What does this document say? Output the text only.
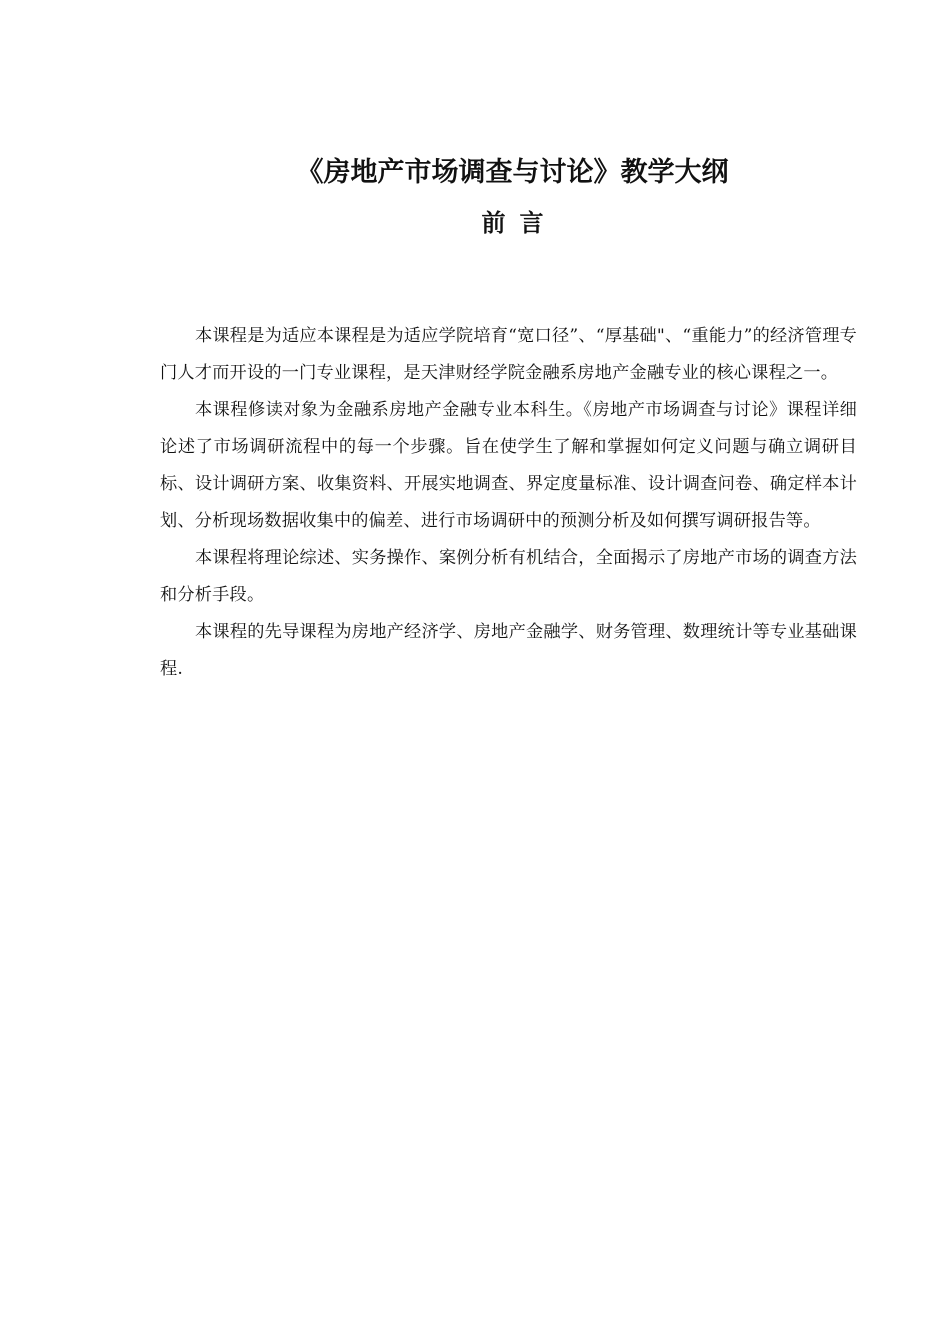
《房地产市场调查与讨论》教学大纲
前 言

本课程是为适应本课程是为适应学院培育“宽口径”、“厚基础"、“重能力”的经济管理专门人才而开设的一门专业课程，是天津财经学院金融系房地产金融专业的核心课程之一。

本课程修读对象为金融系房地产金融专业本科生。《房地产市场调查与讨论》课程详细论述了市场调研流程中的每一个步骤。旨在使学生了解和掌握如何定义问题与确立调研目标、设计调研方案、收集资料、开展实地调查、界定度量标准、设计调查问卷、确定样本计划、分析现场数据收集中的偏差、进行市场调研中的预测分析及如何撰写调研报告等。

本课程将理论综述、实务操作、案例分析有机结合，全面揭示了房地产市场的调查方法和分析手段。

本课程的先导课程为房地产经济学、房地产金融学、财务管理、数理统计等专业基础课程.
